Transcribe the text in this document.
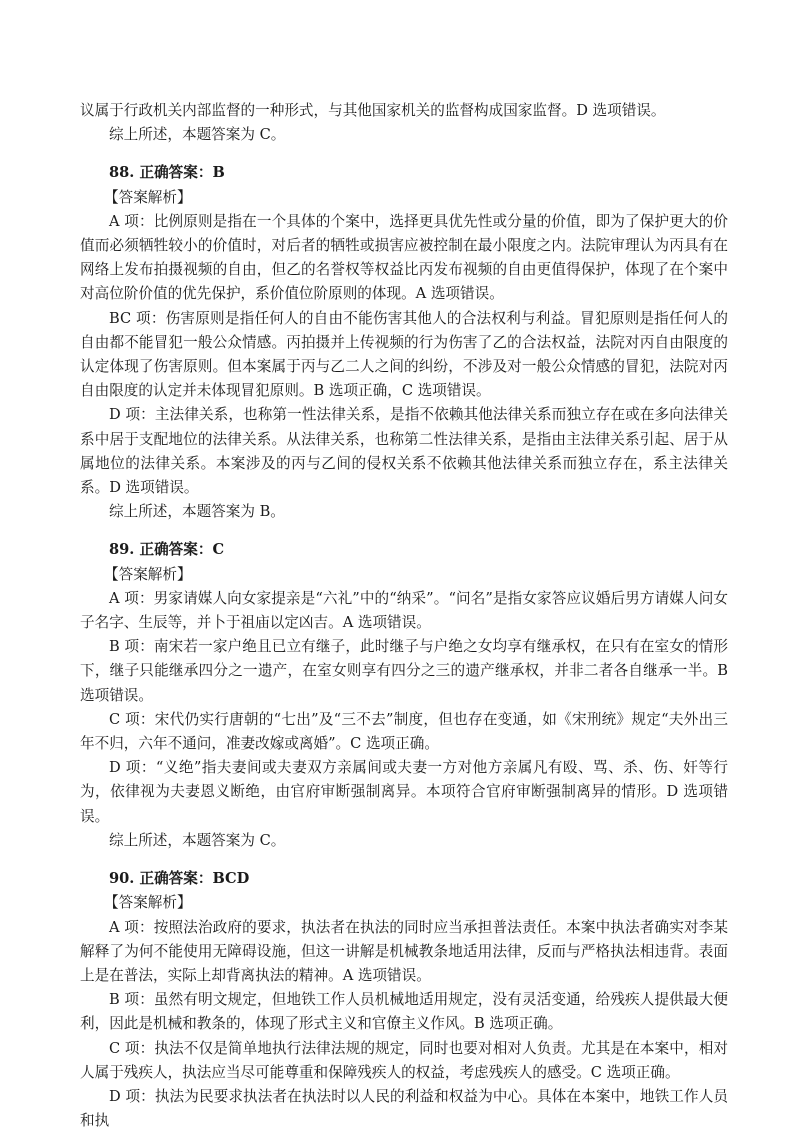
议属于行政机关内部监督的一种形式，与其他国家机关的监督构成国家监督。D 选项错误。

综上所述，本题答案为 C。

88. 正确答案：B

【答案解析】

A 项：比例原则是指在一个具体的个案中，选择更具优先性或分量的价值，即为了保护更大的价值而必须牺牲较小的价值时，对后者的牺牲或损害应被控制在最小限度之内。法院审理认为丙具有在网络上发布拍摄视频的自由，但乙的名誉权等权益比丙发布视频的自由更值得保护，体现了在个案中对高位阶价值的优先保护，系价值位阶原则的体现。A 选项错误。

BC 项：伤害原则是指任何人的自由不能伤害其他人的合法权利与利益。冒犯原则是指任何人的自由都不能冒犯一般公众情感。丙拍摄并上传视频的行为伤害了乙的合法权益，法院对丙自由限度的认定体现了伤害原则。但本案属于丙与乙二人之间的纠纷，不涉及对一般公众情感的冒犯，法院对丙自由限度的认定并未体现冒犯原则。B 选项正确，C 选项错误。

D 项：主法律关系，也称第一性法律关系，是指不依赖其他法律关系而独立存在或在多向法律关系中居于支配地位的法律关系。从法律关系，也称第二性法律关系，是指由主法律关系引起、居于从属地位的法律关系。本案涉及的丙与乙间的侵权关系不依赖其他法律关系而独立存在，系主法律关系。D 选项错误。

综上所述，本题答案为 B。

89. 正确答案：C

【答案解析】

A 项：男家请媒人向女家提亲是“六礼”中的“纳采”。“问名”是指女家答应议婚后男方请媒人问女子名字、生辰等，并卜于祖庙以定凶吉。A 选项错误。

B 项：南宋若一家户绝且已立有继子，此时继子与户绝之女均享有继承权，在只有在室女的情形下，继子只能继承四分之一遗产，在室女则享有四分之三的遗产继承权，并非二者各自继承一半。B 选项错误。

C 项：宋代仍实行唐朝的“七出”及“三不去”制度，但也存在变通，如《宋刑统》规定“夫外出三年不归，六年不通问，准妻改嫁或离婚”。C 选项正确。

D 项：“义绝”指夫妻间或夫妻双方亲属间或夫妻一方对他方亲属凡有殴、骂、杀、伤、奸等行为，依律视为夫妻恩义断绝，由官府审断强制离异。本项符合官府审断强制离异的情形。D 选项错误。

综上所述，本题答案为 C。

90. 正确答案：BCD

【答案解析】

A 项：按照法治政府的要求，执法者在执法的同时应当承担普法责任。本案中执法者确实对李某解释了为何不能使用无障碍设施，但这一讲解是机械教条地适用法律，反而与严格执法相违背。表面上是在普法，实际上却背离执法的精神。A 选项错误。

B 项：虽然有明文规定，但地铁工作人员机械地适用规定，没有灵活变通，给残疾人提供最大便利，因此是机械和教条的，体现了形式主义和官僚主义作风。B 选项正确。

C 项：执法不仅是简单地执行法律法规的规定，同时也要对相对人负责。尤其是在本案中，相对人属于残疾人，执法应当尽可能尊重和保障残疾人的权益，考虑残疾人的感受。C 选项正确。

D 项：执法为民要求执法者在执法时以人民的利益和权益为中心。具体在本案中，地铁工作人员和执
